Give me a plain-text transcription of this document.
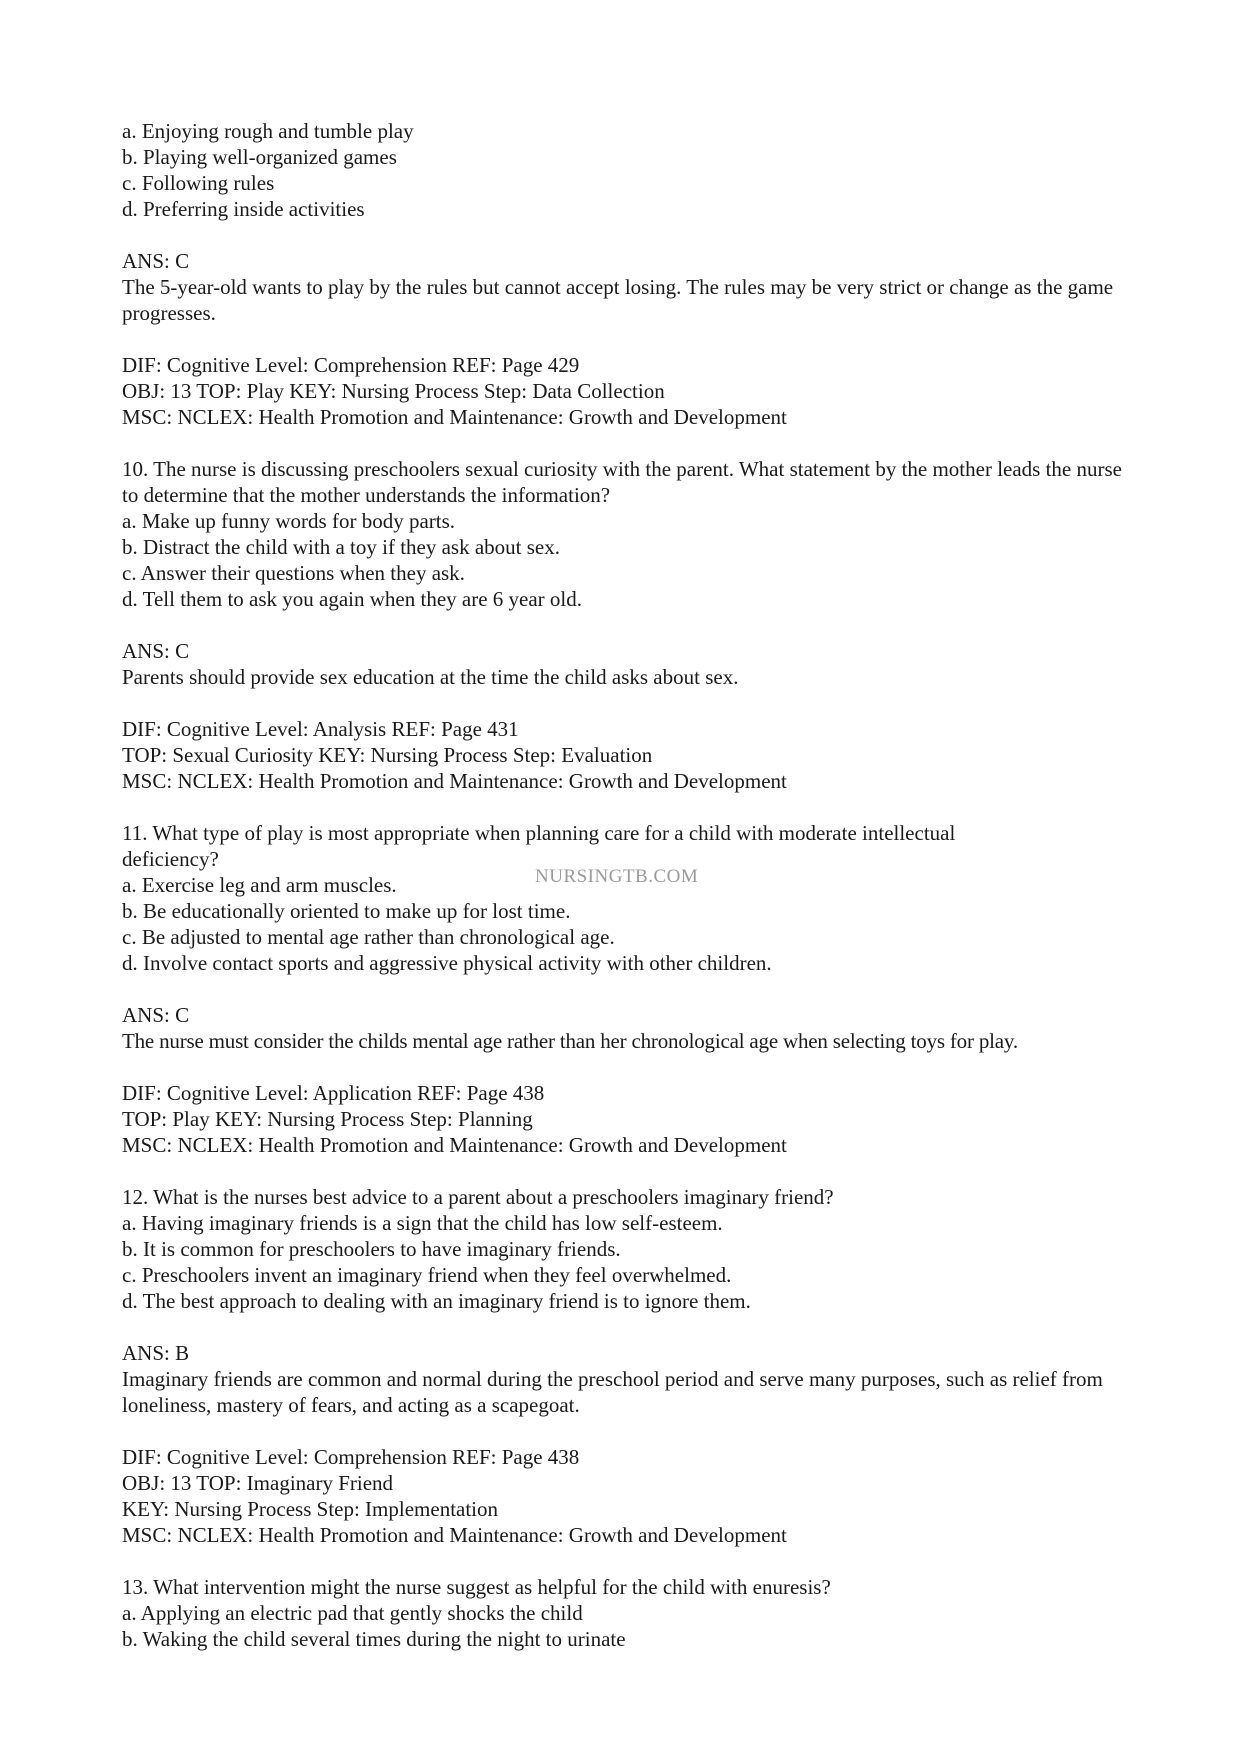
NURSINGTB.COM
a. Enjoying rough and tumble play
b. Playing well-organized games
c. Following rules
d. Preferring inside activities
ANS: C
The 5-year-old wants to play by the rules but cannot accept losing. The rules may be very strict or change as the game progresses.
DIF: Cognitive Level: Comprehension REF: Page 429
OBJ: 13 TOP: Play KEY: Nursing Process Step: Data Collection
MSC: NCLEX: Health Promotion and Maintenance: Growth and Development
10. The nurse is discussing preschoolers sexual curiosity with the parent. What statement by the mother leads the nurse to determine that the mother understands the information?
a. Make up funny words for body parts.
b. Distract the child with a toy if they ask about sex.
c. Answer their questions when they ask.
d. Tell them to ask you again when they are 6 year old.
ANS: C
Parents should provide sex education at the time the child asks about sex.
DIF: Cognitive Level: Analysis REF: Page 431
TOP: Sexual Curiosity KEY: Nursing Process Step: Evaluation
MSC: NCLEX: Health Promotion and Maintenance: Growth and Development
11. What type of play is most appropriate when planning care for a child with moderate intellectual deficiency?
a. Exercise leg and arm muscles.
b. Be educationally oriented to make up for lost time.
c. Be adjusted to mental age rather than chronological age.
d. Involve contact sports and aggressive physical activity with other children.
ANS: C
The nurse must consider the childs mental age rather than her chronological age when selecting toys for play.
DIF: Cognitive Level: Application REF: Page 438
TOP: Play KEY: Nursing Process Step: Planning
MSC: NCLEX: Health Promotion and Maintenance: Growth and Development
12. What is the nurses best advice to a parent about a preschoolers imaginary friend?
a. Having imaginary friends is a sign that the child has low self-esteem.
b. It is common for preschoolers to have imaginary friends.
c. Preschoolers invent an imaginary friend when they feel overwhelmed.
d. The best approach to dealing with an imaginary friend is to ignore them.
ANS: B
Imaginary friends are common and normal during the preschool period and serve many purposes, such as relief from loneliness, mastery of fears, and acting as a scapegoat.
DIF: Cognitive Level: Comprehension REF: Page 438
OBJ: 13 TOP: Imaginary Friend
KEY: Nursing Process Step: Implementation
MSC: NCLEX: Health Promotion and Maintenance: Growth and Development
13. What intervention might the nurse suggest as helpful for the child with enuresis?
a. Applying an electric pad that gently shocks the child
b. Waking the child several times during the night to urinate
